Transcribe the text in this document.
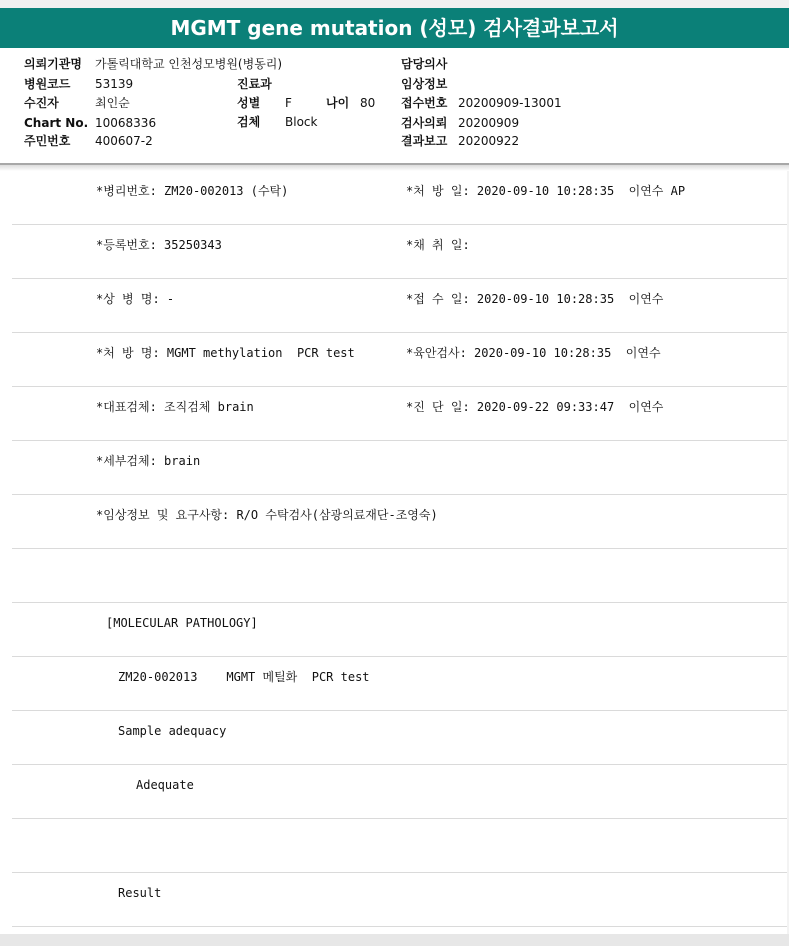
MGMT gene mutation (성모) 검사결과보고서
의뢰기관명 가톨릭대학교 인천성모병원(병동리)
병원코드 53139
수진자	최인순
Chart No. 10068336
주민번호 400607-2
진료과
성별 F	나이 80
검체 Block
담당의사
임상정보
접수번호 20200909-13001
검사의뢰 20200909
결과보고 20200922
*병리번호: ZM20-002013 (수탁)	*처 방 일: 2020-09-10 10:28:35  이연수 AP
*등록번호: 35250343	*채 취 일:
*상 병 명: -	*접 수 일: 2020-09-10 10:28:35  이연수
*처 방 명: MGMT methylation  PCR test	*육안검사: 2020-09-10 10:28:35  이연수
*대표검체: 조직검체 brain	*진 단 일: 2020-09-22 09:33:47  이연수
*세부검체: brain
*임상정보 및 요구사항: R/O 수탁검사(삼광의료재단-조영숙)
[MOLECULAR PATHOLOGY]
ZM20-002013    MGMT 메틸화  PCR test
Sample adequacy
Adequate
Result
